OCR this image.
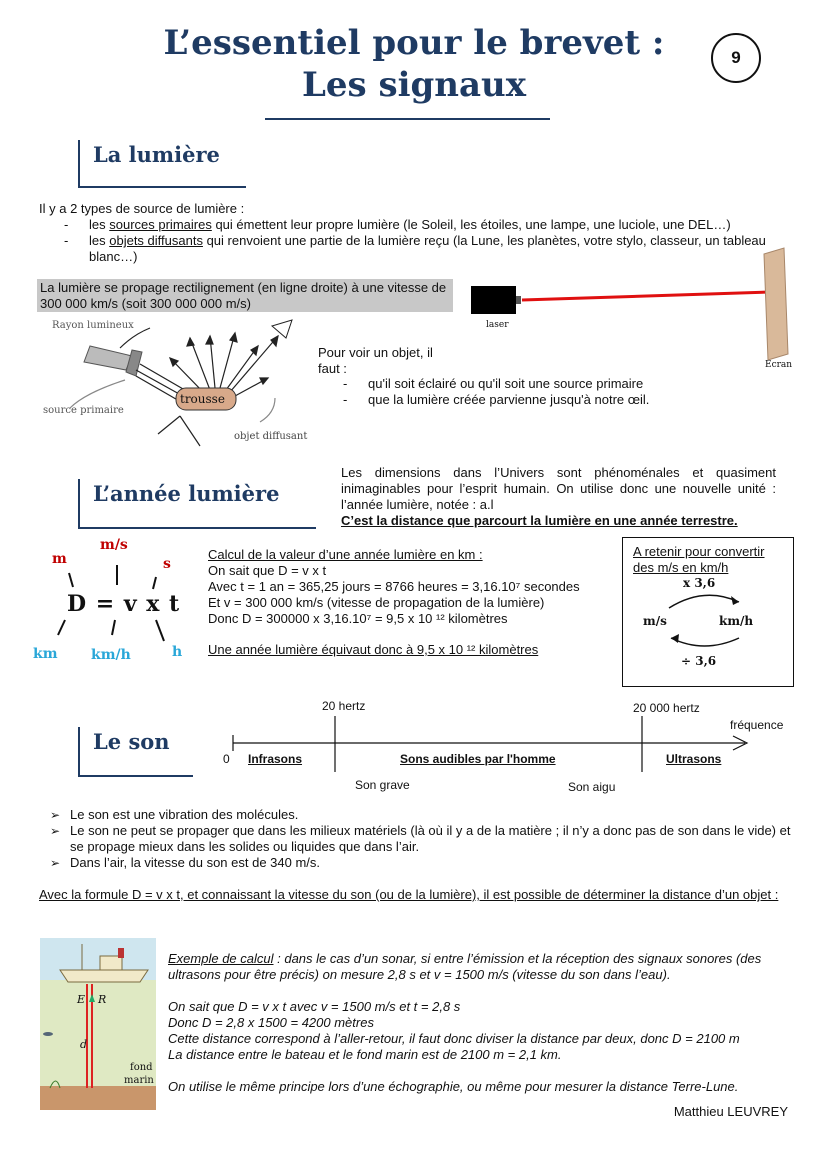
L’essentiel pour le brevet :
Les signaux
9
La lumière
Il y a 2 types de source de lumière :
- les sources primaires qui émettent leur propre lumière (le Soleil, les étoiles, une lampe, une luciole, une DEL…)
- les objets diffusants qui renvoient une partie de la lumière reçu (la Lune, les planètes, votre stylo, classeur, un tableau blanc…)
La lumière se propage rectilignement (en ligne droite) à une vitesse de 300 000 km/s (soit 300 000 000 m/s)
laser
Ecran
Rayon lumineux
source primaire
trousse
objet diffusant
Pour voir un objet, il faut :
- qu'il soit éclairé ou qu'il soit une source primaire
- que la lumière créée parvienne jusqu'à notre œil.
L’année lumière
Les dimensions dans l’Univers sont phénoménales et quasiment inimaginables pour l’esprit humain. On utilise donc une nouvelle unité : l’année lumière, notée : a.l
C’est la distance que parcourt la lumière en une année terrestre.
m/s
m	s
D = v x t
km km/h	h
Calcul de la valeur d’une année lumière en km :
On sait que D = v x t
Avec t = 1 an = 365,25 jours = 8766 heures = 3,16.10⁷ secondes
Et v = 300 000 km/s (vitesse de propagation de la lumière)
Donc D = 300000 x 3,16.10⁷ = 9,5 x 10 ¹² kilomètres
Une année lumière équivaut donc à 9,5 x 10 ¹² kilomètres
A retenir pour convertir
des m/s en km/h
x 3,6
m/s	km/h
÷ 3,6
Le son
20 hertz	20 000 hertz
fréquence
0 Infrasons	Sons audibles par l'homme	Ultrasons
Son grave	Son aigu
➢ Le son est une vibration des molécules.
➢ Le son ne peut se propager que dans les milieux matériels (là où il y a de la matière ; il n’y a donc pas de son dans le vide) et se propage mieux dans les solides ou liquides que dans l’air.
➢ Dans l’air, la vitesse du son est de 340 m/s.
Avec la formule D = v x t, et connaissant la vitesse du son (ou de la lumière), il est possible de déterminer la distance d’un objet :
E R
d
fond
marin
Exemple de calcul : dans le cas d’un sonar, si entre l’émission et la réception des signaux sonores (des ultrasons pour être précis) on mesure 2,8 s et v = 1500 m/s (vitesse du son dans l’eau).
On sait que D = v x t avec v = 1500 m/s et t = 2,8 s
Donc D = 2,8 x 1500 = 4200 mètres
Cette distance correspond à l’aller-retour, il faut donc diviser la distance par deux, donc D = 2100 m
La distance entre le bateau et le fond marin est de 2100 m = 2,1 km.
On utilise le même principe lors d’une échographie, ou même pour mesurer la distance Terre-Lune.
Matthieu LEUVREY
